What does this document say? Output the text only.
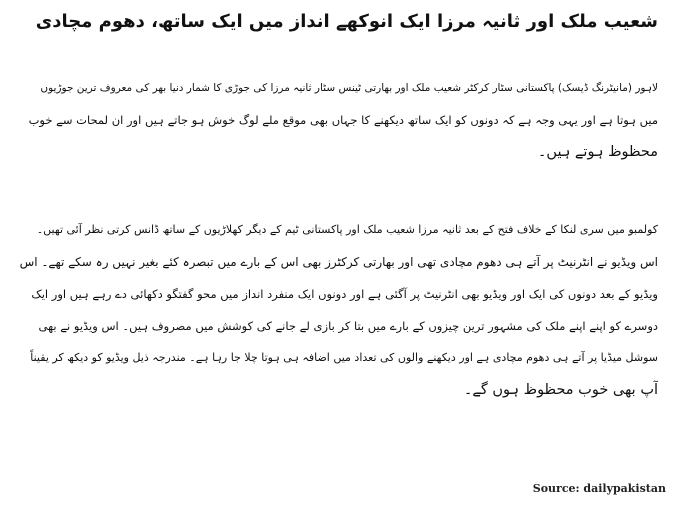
شعیب ملک اور ثانیہ مرزا ایک انوکھے انداز میں ایک ساتھ، دھوم مچادی
لاہور (مانیٹرنگ ڈیسک) پاکستانی سٹار کرکٹر شعیب ملک اور بھارتی ٹینس سٹار ثانیہ مرزا کی جوڑی کا شمار دنیا بھر کی معروف ترین جوڑیوں
میں ہوتا ہے اور یہی وجہ ہے کہ دونوں کو ایک ساتھ دیکھنے کا جہاں بھی موقع ملے لوگ خوش ہو جاتے ہیں اور ان لمحات سے خوب
محظوظ ہوتے ہیں۔
کولمبو میں سری لنکا کے خلاف فتح کے بعد ثانیہ مرزا شعیب ملک اور پاکستانی ٹیم کے دیگر کھلاڑیوں کے ساتھ ڈانس کرتی نظر آئی تھیں۔
اس ویڈیو نے انٹرنیٹ پر آتے ہی دھوم مچادی تھی اور بھارتی کرکٹرز بھی اس کے بارے میں تبصرہ کئے بغیر نہیں رہ سکے تھے۔ اس
ویڈیو کے بعد دونوں کی ایک اور ویڈیو بھی انٹرنیٹ پر آگئی ہے اور دونوں ایک منفرد انداز میں محو گفتگو دکھائی دے رہے ہیں اور ایک
دوسرے کو اپنے اپنے ملک کی مشہور ترین چیزوں کے بارے میں بتا کر بازی لے جانے کی کوشش میں مصروف ہیں۔ اس ویڈیو نے بھی
سوشل میڈیا پر آتے ہی دھوم مچادی ہے اور دیکھنے والوں کی تعداد میں اضافہ ہی ہوتا چلا جا رہا ہے۔ مندرجہ ذیل ویڈیو کو دیکھ کر یقیناً
آپ بھی خوب محظوظ ہوں گے۔
Source: dailypakistan
